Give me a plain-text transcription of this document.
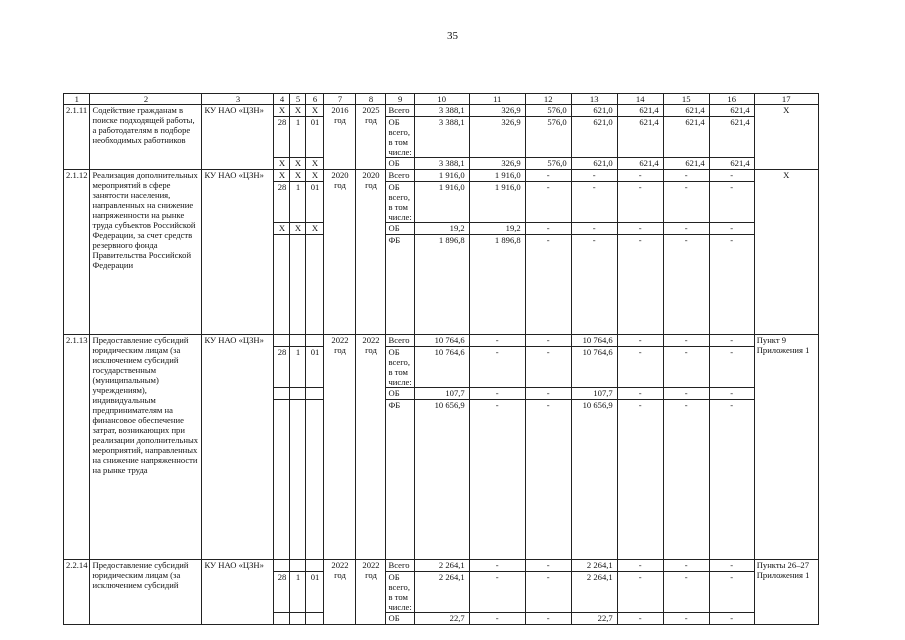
35
1	2	3	4	5	6	7	8	9	10	11	12	13	14	15	16	17
2.1.11	Содействие гражданам в поиске подходящей работы, а работодателям в подборе необходимых работников	КУ НАО «ЦЗН»	Х	Х	Х	2016 год	2025 год	Всего	3 388,1	326,9	576,0	621,0	621,4	621,4	621,4	Х
			28	1	01			ОБ всего, в том числе:	3 388,1	326,9	576,0	621,0	621,4	621,4	621,4	
			Х	Х	Х			ОБ	3 388,1	326,9	576,0	621,0	621,4	621,4	621,4	
2.1.12	Реализация дополнительных мероприятий в сфере занятости населения, направленных на снижение напряженности на рынке труда субъектов Российской Федерации, за счет средств резервного фонда Правительства Российской Федерации	КУ НАО «ЦЗН»	Х	Х	Х	2020 год	2020 год	Всего	1 916,0	1 916,0	-	-	-	-	-	Х
			28	1	01			ОБ всего, в том числе:	1 916,0	1 916,0	-	-	-	-	-	
			Х	Х	Х			ОБ	19,2	19,2	-	-	-	-	-	
								ФБ	1 896,8	1 896,8	-	-	-	-	-	
2.1.13	Предоставление субсидий юридическим лицам (за исключением субсидий государственным (муниципальным) учреждениям), индивидуальным предпринимателям на финансовое обеспечение затрат, возникающих при реализации дополнительных мероприятий, направленных на снижение напряженности на рынке труда	КУ НАО «ЦЗН»				2022 год	2022 год	Всего	10 764,6	-	-	10 764,6	-	-	-	Пункт 9 Приложения 1
			28	1	01			ОБ всего, в том числе:	10 764,6	-	-	10 764,6	-	-	-	
								ОБ	107,7	-	-	107,7	-	-	-	
								ФБ	10 656,9	-	-	10 656,9	-	-	-	
2.2.14	Предоставление субсидий юридическим лицам (за исключением субсидий	КУ НАО «ЦЗН»				2022 год	2022 год	Всего	2 264,1	-	-	2 264,1	-	-	-	Пункты 26–27 Приложения 1
			28	1	01			ОБ всего, в том числе:	2 264,1	-	-	2 264,1	-	-	-	
								ОБ	22,7	-	-	22,7	-	-	-	
